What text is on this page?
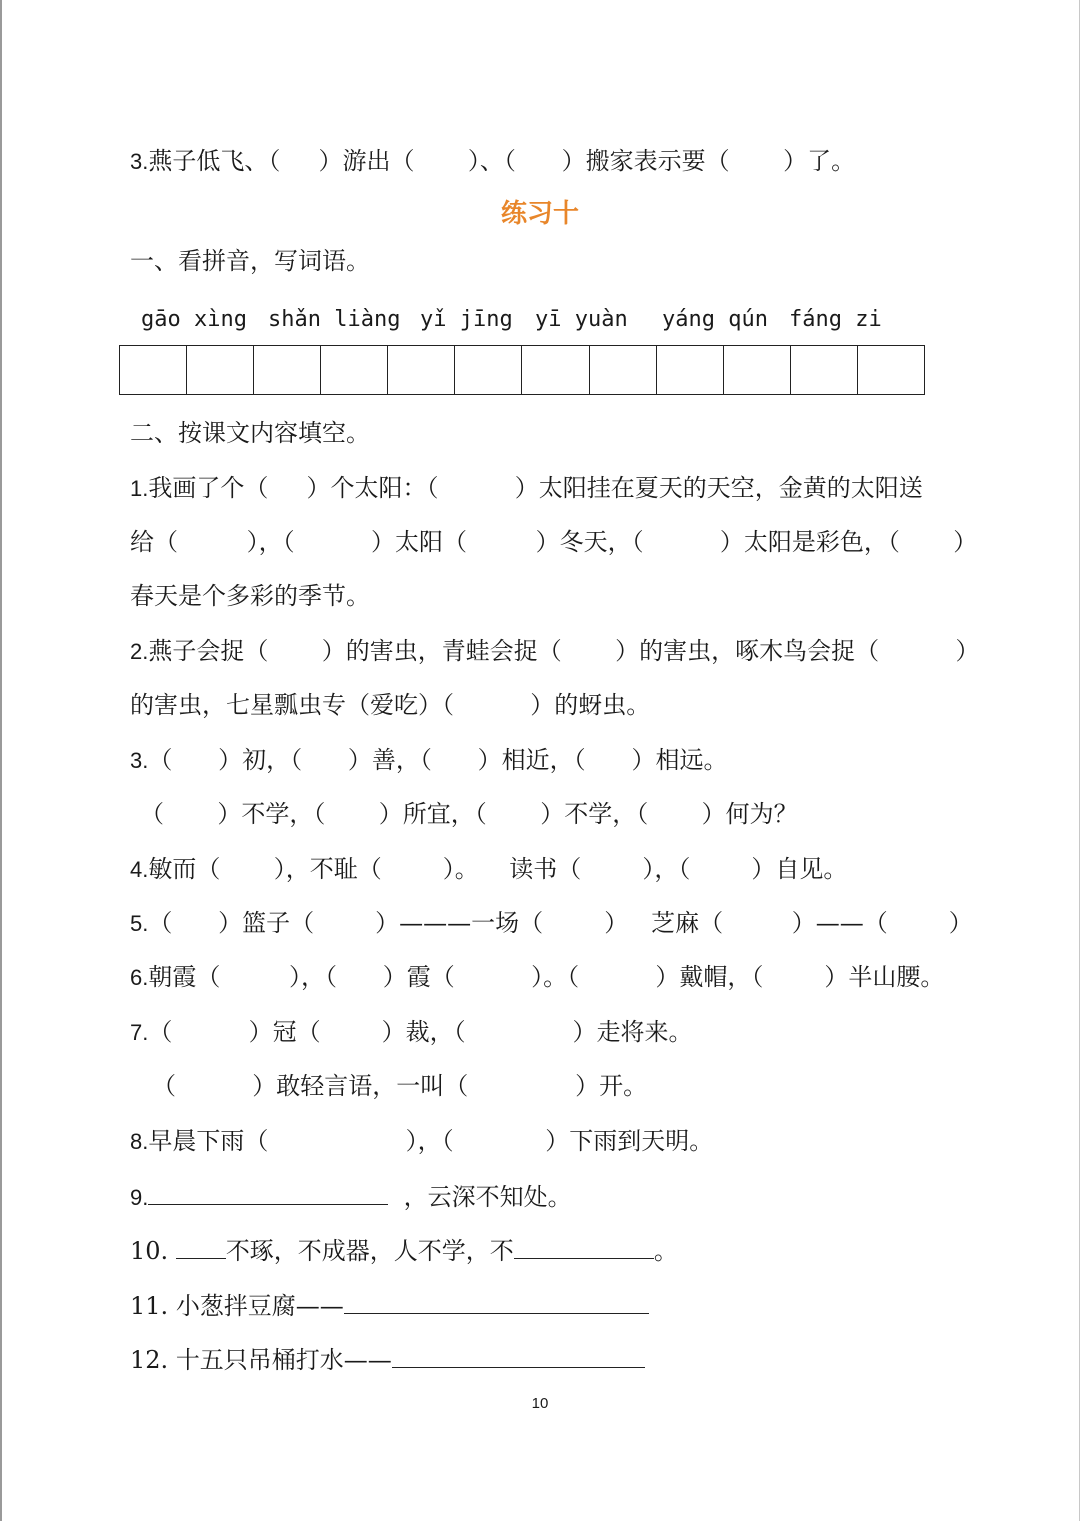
3.燕子低飞、（     ）游出（       ）、（      ）搬家表示要（       ）了。
练习十
一、看拼音，写词语。
gāo xìng shǎn liàng yǐ jīng yī yuàn yáng qún fáng zi
二、按课文内容填空。
1.我画了个（     ）个太阳：（          ）太阳挂在夏天的天空，金黄的太阳送
给（         ），（          ）太阳（         ）冬天，（          ）太阳是彩色，（       ）
春天是个多彩的季节。
2.燕子会捉（       ）的害虫，青蛙会捉（       ）的害虫，啄木鸟会捉（          ）
的害虫，七星瓢虫专（爱吃）（          ）的蚜虫。
3.（      ）初，（      ）善，（      ）相近，（      ）相远。
（       ）不学，（       ）所宜，（       ）不学，（       ）何为？
4.敏而（       ），不耻（        ）。    读书（        ），（        ）自见。
5.（      ）篮子（        ）———一场（        ）   芝麻（         ）——（        ）
6.朝霞（         ），（      ）霞（          ）。（          ）戴帽，（        ）半山腰。
7.（          ）冠（        ）裁，（              ）走将来。
（          ）敢轻言语，一叫（              ）开。
8.早晨下雨（                  ），（            ）下雨到天明。
9.	，云深不知处。
10. 不琢，不成器，人不学，不	。
11. 小葱拌豆腐——
12. 十五只吊桶打水——
10
